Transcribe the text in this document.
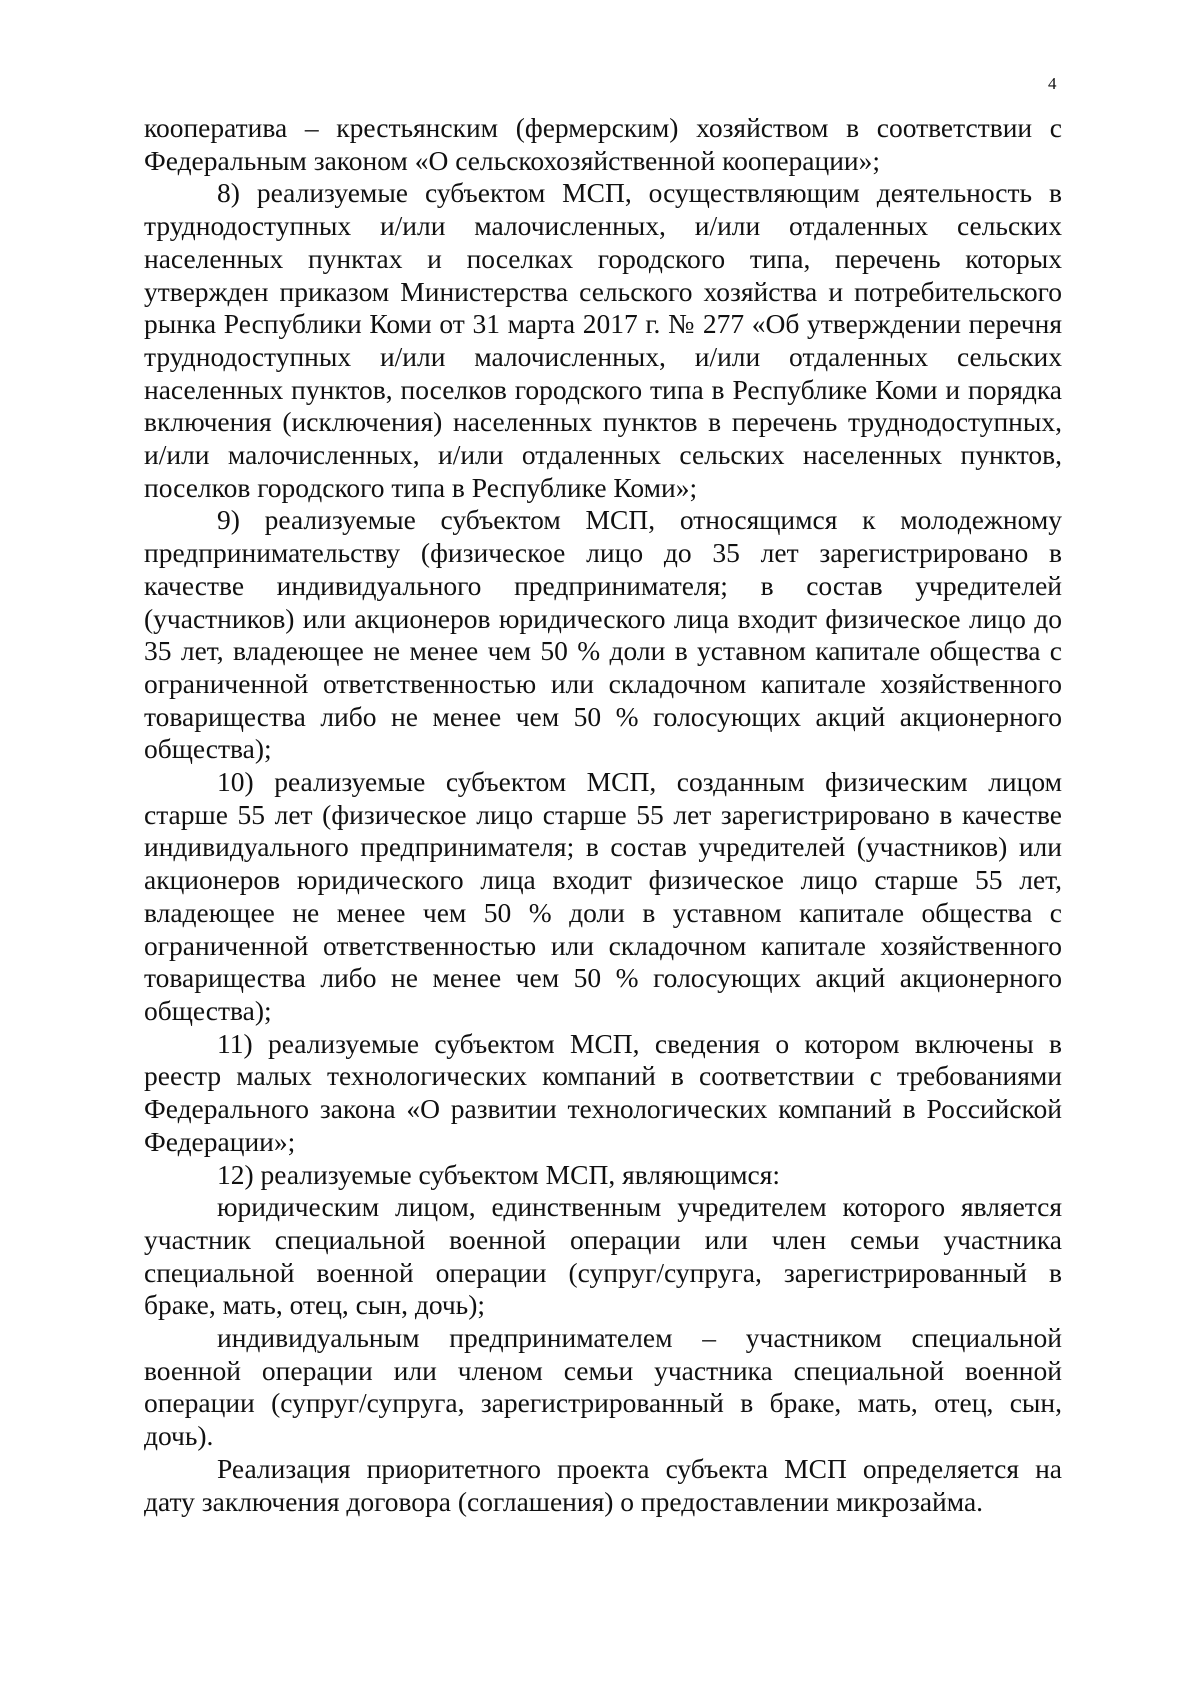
4

кооператива – крестьянским (фермерским) хозяйством в соответствии с Федеральным законом «О сельскохозяйственной кооперации»;

8) реализуемые субъектом МСП, осуществляющим деятельность в труднодоступных и/или малочисленных, и/или отдаленных сельских населенных пунктах и поселках городского типа, перечень которых утвержден приказом Министерства сельского хозяйства и потребительского рынка Республики Коми от 31 марта 2017 г. № 277 «Об утверждении перечня труднодоступных и/или малочисленных, и/или отдаленных сельских населенных пунктов, поселков городского типа в Республике Коми и порядка включения (исключения) населенных пунктов в перечень труднодоступных, и/или малочисленных, и/или отдаленных сельских населенных пунктов, поселков городского типа в Республике Коми»;

9) реализуемые субъектом МСП, относящимся к молодежному предпринимательству (физическое лицо до 35 лет зарегистрировано в качестве индивидуального предпринимателя; в состав учредителей (участников) или акционеров юридического лица входит физическое лицо до 35 лет, владеющее не менее чем 50 % доли в уставном капитале общества с ограниченной ответственностью или складочном капитале хозяйственного товарищества либо не менее чем 50 % голосующих акций акционерного общества);

10) реализуемые субъектом МСП, созданным физическим лицом старше 55 лет (физическое лицо старше 55 лет зарегистрировано в качестве индивидуального предпринимателя; в состав учредителей (участников) или акционеров юридического лица входит физическое лицо старше 55 лет, владеющее не менее чем 50 % доли в уставном капитале общества с ограниченной ответственностью или складочном капитале хозяйственного товарищества либо не менее чем 50 % голосующих акций акционерного общества);

11) реализуемые субъектом МСП, сведения о котором включены в реестр малых технологических компаний в соответствии с требованиями Федерального закона «О развитии технологических компаний в Российской Федерации»;

12) реализуемые субъектом МСП, являющимся:

юридическим лицом, единственным учредителем которого является участник специальной военной операции или член семьи участника специальной военной операции (супруг/супруга, зарегистрированный в браке, мать, отец, сын, дочь);

индивидуальным предпринимателем – участником специальной военной операции или членом семьи участника специальной военной операции (супруг/супруга, зарегистрированный в браке, мать, отец, сын, дочь).

Реализация приоритетного проекта субъекта МСП определяется на дату заключения договора (соглашения) о предоставлении микрозайма.
